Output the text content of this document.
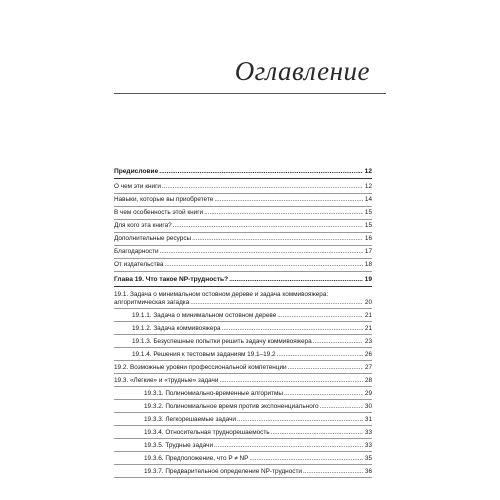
Оглавление
Предисловие .....	12
О чем эти книги .....	12
Навыки, которые вы приобретете .....	14
В чем особенность этой книги .....	15
Для кого эта книга? .....	15
Дополнительные ресурсы .....	16
Благодарности .....	17
От издательства .....	18
Глава 19. Что такое NP-трудность? .....	19
19.1. Задача о минимальном остовном дереве и задача коммивояжера:
алгоритмическая загадка .....	20
19.1.1. Задача о минимальном остовном дереве .....	21
19.1.2. Задача коммивояжера .....	21
19.1.3. Безуспешные попытки решить задачу коммивояжера .....	23
19.1.4. Решения к тестовым заданиям 19.1–19.2 .....	26
19.2. Возможные уровни профессиональной компетенции .....	27
19.3. «Легкие» и «трудные» задачи .....	28
19.3.1. Полиномиально-временные алгоритмы .....	29
19.3.2. Полиномиальное время против экспоненциального .....	30
19.3.3. Легкорешаемые задачи .....	31
19.3.4. Относительная труднорешаемость .....	33
19.3.5. Трудные задачи .....	33
19.3.6. Предположение, что P ≠ NP .....	35
19.3.7. Предварительное определение NP-трудности .....	36
